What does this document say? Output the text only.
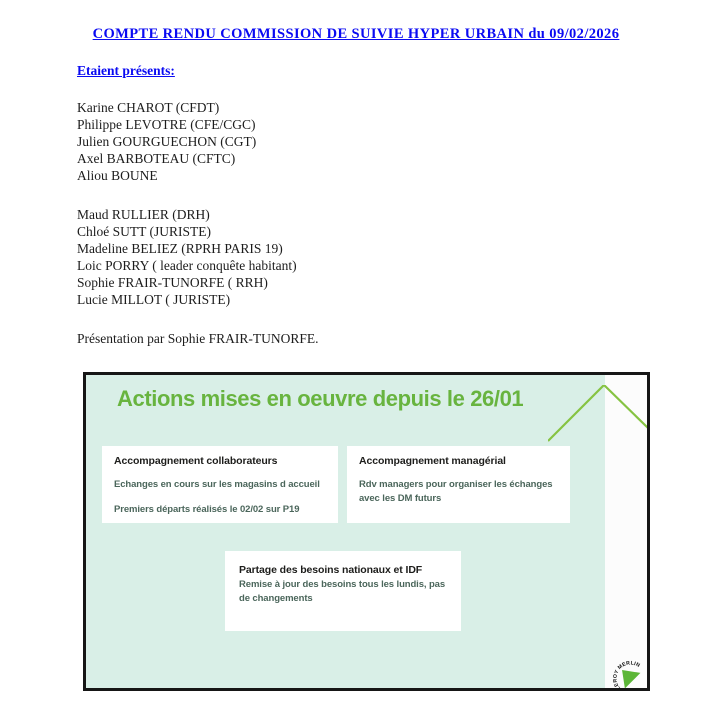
COMPTE RENDU COMMISSION DE SUIVIE HYPER URBAIN du 09/02/2026
Etaient présents:
Karine CHAROT (CFDT)
Philippe LEVOTRE (CFE/CGC)
Julien GOURGUECHON (CGT)
Axel BARBOTEAU (CFTC)
Aliou BOUNE
Maud RULLIER (DRH)
Chloé SUTT (JURISTE)
Madeline BELIEZ (RPRH PARIS 19)
Loic PORRY ( leader conquête habitant)
Sophie FRAIR-TUNORFE ( RRH)
Lucie MILLOT ( JURISTE)
Présentation par Sophie FRAIR-TUNORFE.
Actions mises en oeuvre depuis le 26/01
Accompagnement collaborateurs

Echanges en cours sur les magasins d accueil

Premiers départs réalisés le 02/02 sur P19

Accompagnement managérial

Rdv managers pour organiser les échanges avec les DM futurs

Partage des besoins nationaux et IDF

Remise à jour des besoins tous les lundis, pas de changements

LEROY MERLIN
